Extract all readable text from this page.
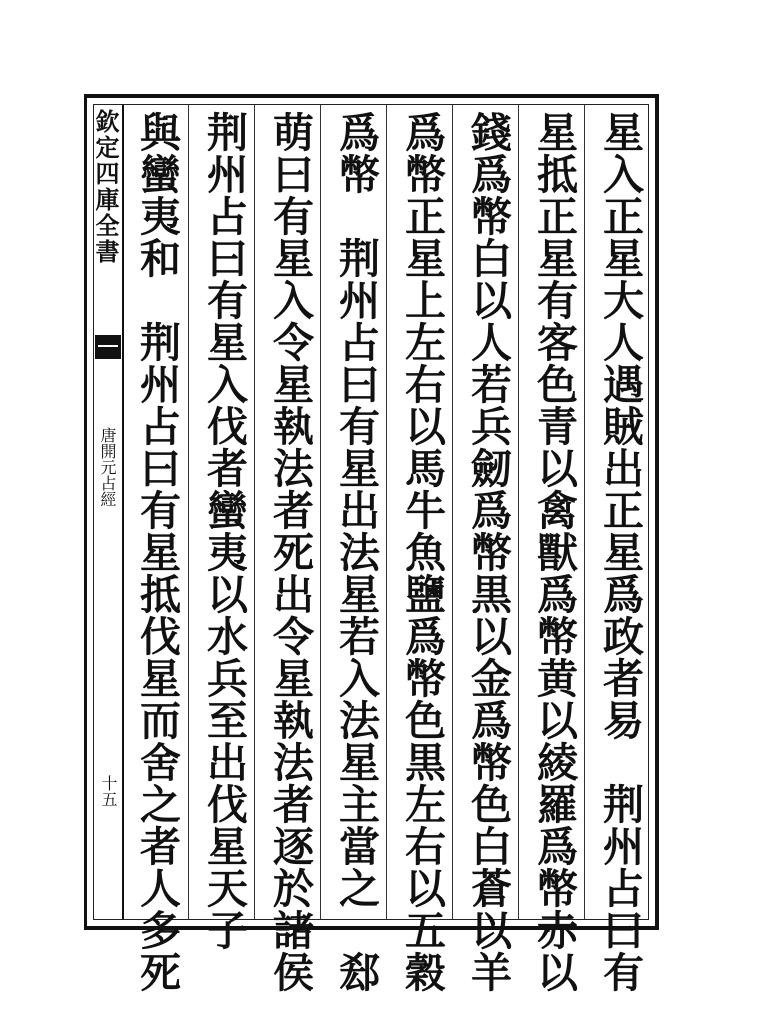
欽定四庫全書
唐開元占經
十五	星入正星大人遇賊出正星爲政者易　荆州占曰有
星抵正星有客色青以禽獸爲幣黄以綾羅爲幣赤以
錢爲幣白以人若兵劒爲幣黒以金爲幣色白蒼以羊
爲幣正星上左右以馬牛魚鹽爲幣色黒左右以五穀
爲幣　荆州占曰有星出法星若入法星主當之　郄
萌曰有星入令星執法者死出令星執法者逐於諸侯
荆州占曰有星入伐者蠻夷以水兵至出伐星天子
與蠻夷和　荆州占曰有星抵伐星而舍之者人多死
